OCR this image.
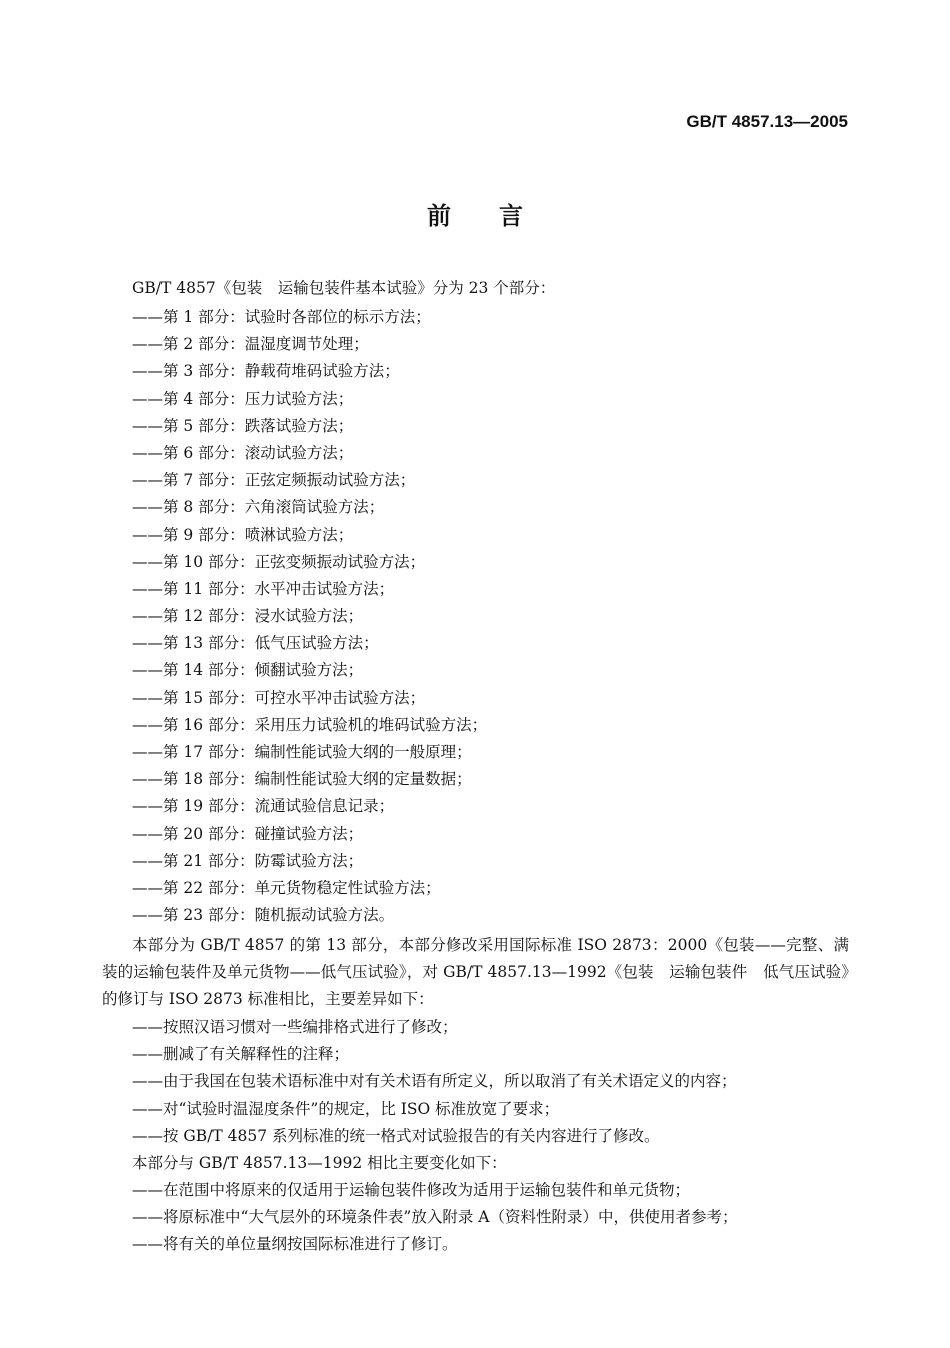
GB/T 4857.13—2005
前言
GB/T 4857《包装　运输包装件基本试验》分为 23 个部分：
——第 1 部分：试验时各部位的标示方法；
——第 2 部分：温湿度调节处理；
——第 3 部分：静载荷堆码试验方法；
——第 4 部分：压力试验方法；
——第 5 部分：跌落试验方法；
——第 6 部分：滚动试验方法；
——第 7 部分：正弦定频振动试验方法；
——第 8 部分：六角滚筒试验方法；
——第 9 部分：喷淋试验方法；
——第 10 部分：正弦变频振动试验方法；
——第 11 部分：水平冲击试验方法；
——第 12 部分：浸水试验方法；
——第 13 部分：低气压试验方法；
——第 14 部分：倾翻试验方法；
——第 15 部分：可控水平冲击试验方法；
——第 16 部分：采用压力试验机的堆码试验方法；
——第 17 部分：编制性能试验大纲的一般原理；
——第 18 部分：编制性能试验大纲的定量数据；
——第 19 部分：流通试验信息记录；
——第 20 部分：碰撞试验方法；
——第 21 部分：防霉试验方法；
——第 22 部分：单元货物稳定性试验方法；
——第 23 部分：随机振动试验方法。

本部分为 GB/T 4857 的第 13 部分，本部分修改采用国际标准 ISO 2873：2000《包装——完整、满装的运输包装件及单元货物——低气压试验》，对 GB/T 4857.13—1992《包装　运输包装件　低气压试验》的修订与 ISO 2873 标准相比，主要差异如下：

——按照汉语习惯对一些编排格式进行了修改；
——删减了有关解释性的注释；
——由于我国在包装术语标准中对有关术语有所定义，所以取消了有关术语定义的内容；
——对“试验时温湿度条件”的规定，比 ISO 标准放宽了要求；
——按 GB/T 4857 系列标准的统一格式对试验报告的有关内容进行了修改。

本部分与 GB/T 4857.13—1992 相比主要变化如下：

——在范围中将原来的仅适用于运输包装件修改为适用于运输包装件和单元货物；
——将原标准中“大气层外的环境条件表”放入附录 A（资料性附录）中，供使用者参考；
——将有关的单位量纲按国际标准进行了修订。
